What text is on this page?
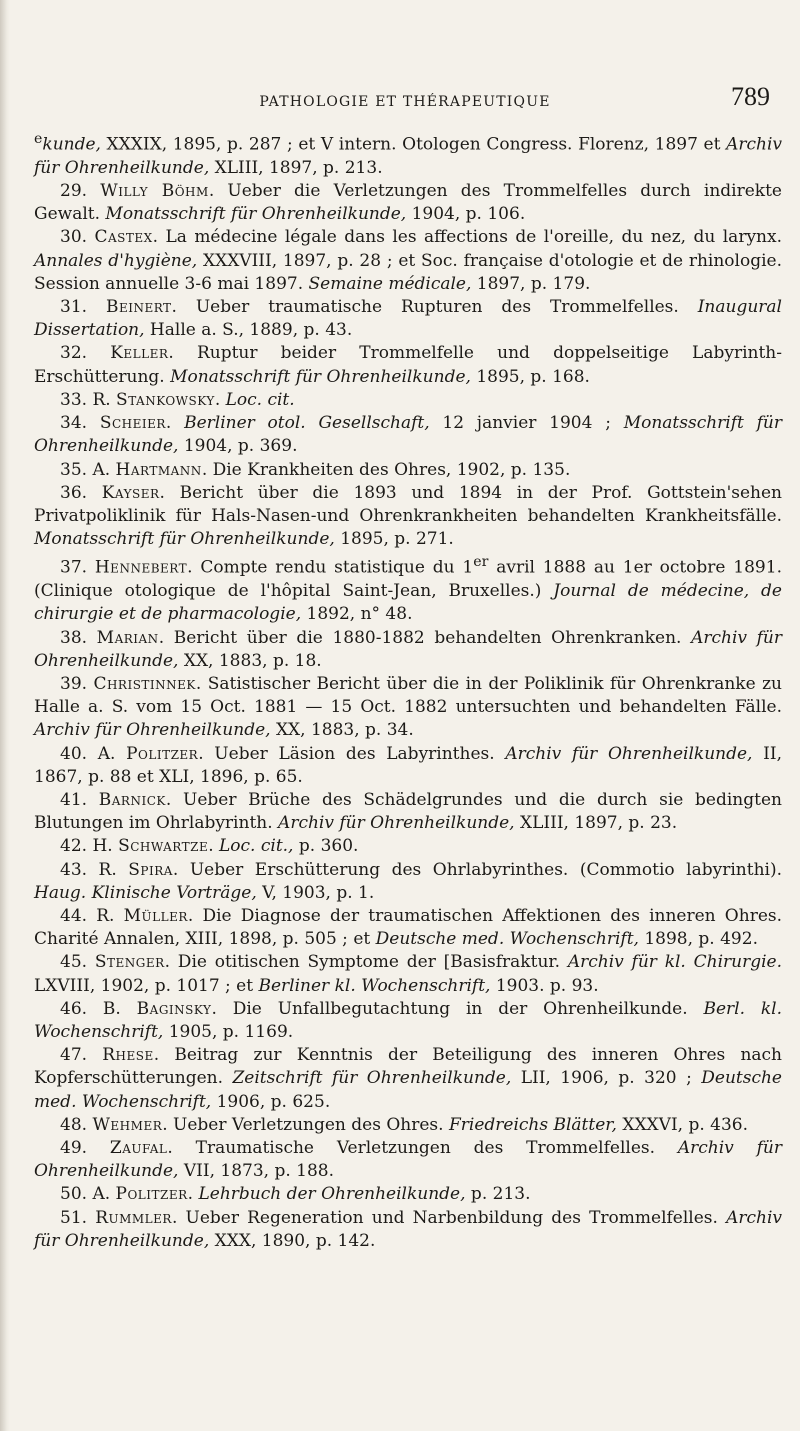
PATHOLOGIE ET THÉRAPEUTIQUE	789

$^e$kunde, XXXIX, 1895, p. 287 ; et V intern. Otologen Congress. Florenz, 1897 et Archiv für Ohrenheilkunde, XLIII, 1897, p. 213.

29. Willy Böhm. Ueber die Verletzungen des Trommelfelles durch indirekte Gewalt. Monatsschrift für Ohrenheilkunde, 1904, p. 106.

30. Castex. La médecine légale dans les affections de l'oreille, du nez, du larynx. Annales d'hygiène, XXXVIII, 1897, p. 28 ; et Soc. française d'otologie et de rhinologie. Session annuelle 3-6 mai 1897. Semaine médicale, 1897, p. 179.

31. Beinert. Ueber traumatische Rupturen des Trommelfelles. Inaugural Dissertation, Halle a. S., 1889, p. 43.

32. Keller. Ruptur beider Trommelfelle und doppelseitige Labyrinth-Erschütterung. Monatsschrift für Ohrenheilkunde, 1895, p. 168.

33. R. Stankowsky. Loc. cit.

34. Scheier. Berliner otol. Gesellschaft, 12 janvier 1904 ; Monatsschrift für Ohrenheilkunde, 1904, p. 369.

35. A. Hartmann. Die Krankheiten des Ohres, 1902, p. 135.

36. Kayser. Bericht über die 1893 und 1894 in der Prof. Gottstein'sehen Privatpoliklinik für Hals-Nasen-und Ohrenkrankheiten behandelten Krankheitsfälle. Monatsschrift für Ohrenheilkunde, 1895, p. 271.

37. Hennebert. Compte rendu statistique du 1er avril 1888 au 1er octobre 1891. (Clinique otologique de l'hôpital Saint-Jean, Bruxelles.) Journal de médecine, de chirurgie et de pharmacologie, 1892, n° 48.

38. Marian. Bericht über die 1880-1882 behandelten Ohrenkranken. Archiv für Ohrenheilkunde, XX, 1883, p. 18.

39. Christinnek. Satistischer Bericht über die in der Poliklinik für Ohrenkranke zu Halle a. S. vom 15 Oct. 1881 — 15 Oct. 1882 untersuchten und behandelten Fälle. Archiv für Ohrenheilkunde, XX, 1883, p. 34.

40. A. Politzer. Ueber Läsion des Labyrinthes. Archiv für Ohrenheilkunde, II, 1867, p. 88 et XLI, 1896, p. 65.

41. Barnick. Ueber Brüche des Schädelgrundes und die durch sie bedingten Blutungen im Ohrlabyrinth. Archiv für Ohrenheilkunde, XLIII, 1897, p. 23.

42. H. Schwartze. Loc. cit., p. 360.

43. R. Spira. Ueber Erschütterung des Ohrlabyrinthes. (Commotio labyrinthi). Haug. Klinische Vorträge, V, 1903, p. 1.

44. R. Müller. Die Diagnose der traumatischen Affektionen des inneren Ohres. Charité Annalen, XIII, 1898, p. 505 ; et Deutsche med. Wochenschrift, 1898, p. 492.

45. Stenger. Die otitischen Symptome der [Basisfraktur. Archiv für kl. Chirurgie. LXVIII, 1902, p. 1017 ; et Berliner kl. Wochenschrift, 1903. p. 93.

46. B. Baginsky. Die Unfallbegutachtung in der Ohrenheilkunde. Berl. kl. Wochenschrift, 1905, p. 1169.

47. Rhese. Beitrag zur Kenntnis der Beteiligung des inneren Ohres nach Kopferschütterungen. Zeitschrift für Ohrenheilkunde, LII, 1906, p. 320 ; Deutsche med. Wochenschrift, 1906, p. 625.

48. Wehmer. Ueber Verletzungen des Ohres. Friedreichs Blätter, XXXVI, p. 436.

49. Zaufal. Traumatische Verletzungen des Trommelfelles. Archiv für Ohrenheilkunde, VII, 1873, p. 188.

50. A. Politzer. Lehrbuch der Ohrenheilkunde, p. 213.

51. Rummler. Ueber Regeneration und Narbenbildung des Trommelfelles. Archiv für Ohrenheilkunde, XXX, 1890, p. 142.
